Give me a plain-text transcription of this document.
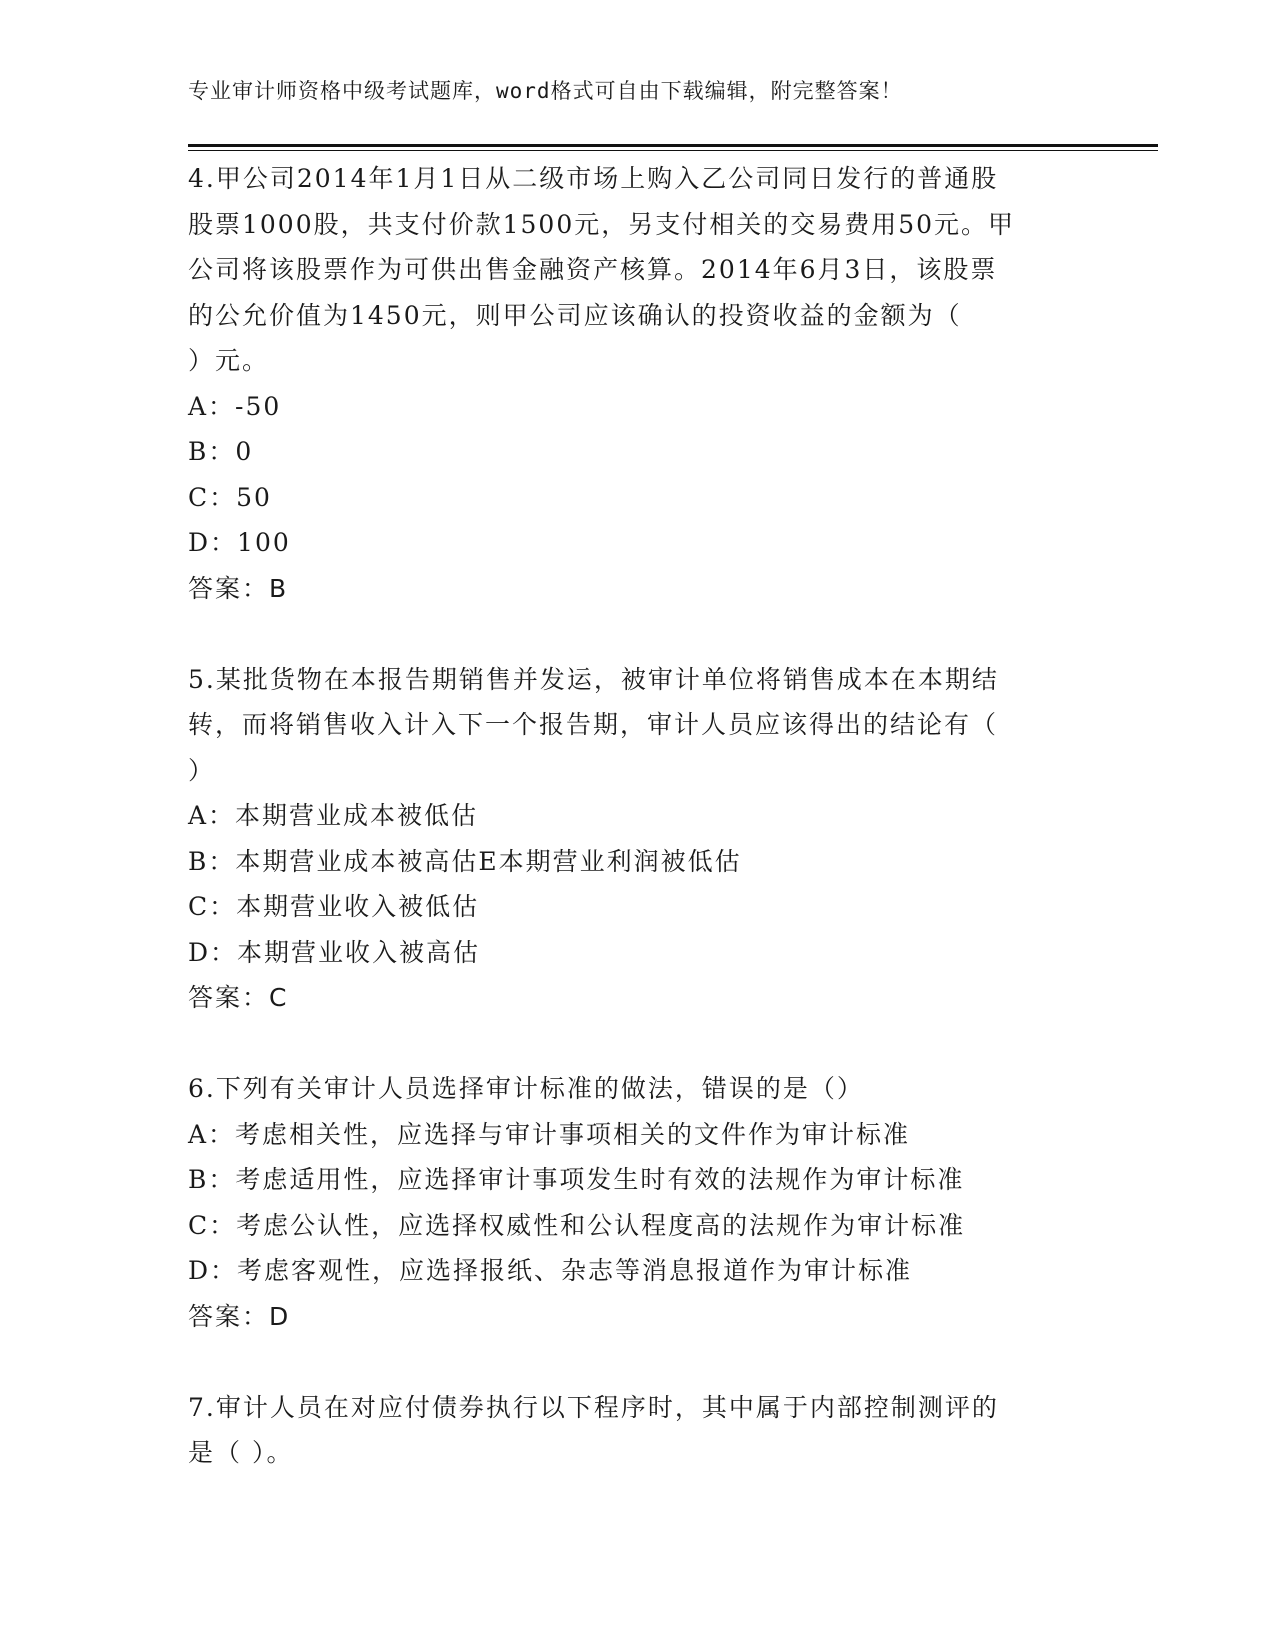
专业审计师资格中级考试题库，word格式可自由下载编辑，附完整答案！

4.甲公司2014年1月1日从二级市场上购入乙公司同日发行的普通股

股票1000股，共支付价款1500元，另支付相关的交易费用50元。甲

公司将该股票作为可供出售金融资产核算。2014年6月3日，该股票

的公允价值为1450元，则甲公司应该确认的投资收益的金额为（

）元。

A：-50

B：0

C：50

D：100

答案：B

5.某批货物在本报告期销售并发运，被审计单位将销售成本在本期结

转，而将销售收入计入下一个报告期，审计人员应该得出的结论有（

）

A：本期营业成本被低估

B：本期营业成本被高估E本期营业利润被低估

C：本期营业收入被低估

D：本期营业收入被高估

答案：C

6.下列有关审计人员选择审计标准的做法，错误的是（）

A：考虑相关性，应选择与审计事项相关的文件作为审计标准

B：考虑适用性，应选择审计事项发生时有效的法规作为审计标准

C：考虑公认性，应选择权威性和公认程度高的法规作为审计标准

D：考虑客观性，应选择报纸、杂志等消息报道作为审计标准

答案：D

7.审计人员在对应付债券执行以下程序时，其中属于内部控制测评的

是（ ）。
